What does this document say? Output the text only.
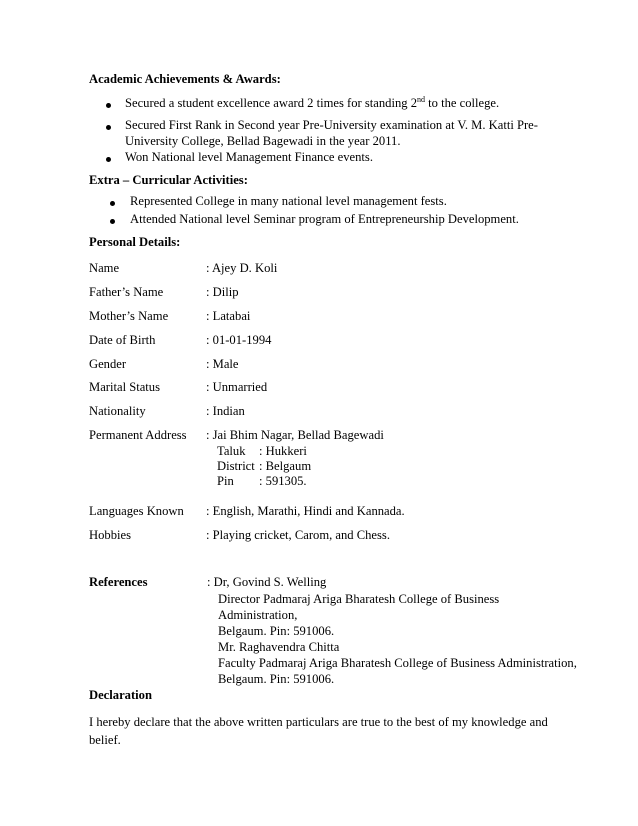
Academic Achievements & Awards:
Secured a student excellence award 2 times for standing 2nd to the college.
Secured First Rank in Second year Pre-University examination at V. M. Katti Pre-
University College, Bellad Bagewadi in the year 2011.
Won National level Management Finance events.
Extra – Curricular Activities:
Represented College in many national level management fests.
Attended National level Seminar program of Entrepreneurship Development.
Personal Details:
Name	: Ajey D. Koli
Father’s Name	: Dilip
Mother’s Name	: Latabai
Date of Birth	: 01-01-1994
Gender	: Male
Marital Status	: Unmarried
Nationality	: Indian
Permanent Address : Jai Bhim Nagar, Bellad Bagewadi
Taluk : Hukkeri
District : Belgaum
Pin : 591305.
Languages Known : English, Marathi, Hindi and Kannada.
Hobbies	: Playing cricket, Carom, and Chess.
References	: Dr, Govind S. Welling
Director Padmaraj Ariga Bharatesh College of Business
Administration,
Belgaum. Pin: 591006.
Mr. Raghavendra Chitta
Faculty Padmaraj Ariga Bharatesh College of Business Administration,
Belgaum. Pin: 591006.
Declaration
I hereby declare that the above written particulars are true to the best of my knowledge and
belief.
